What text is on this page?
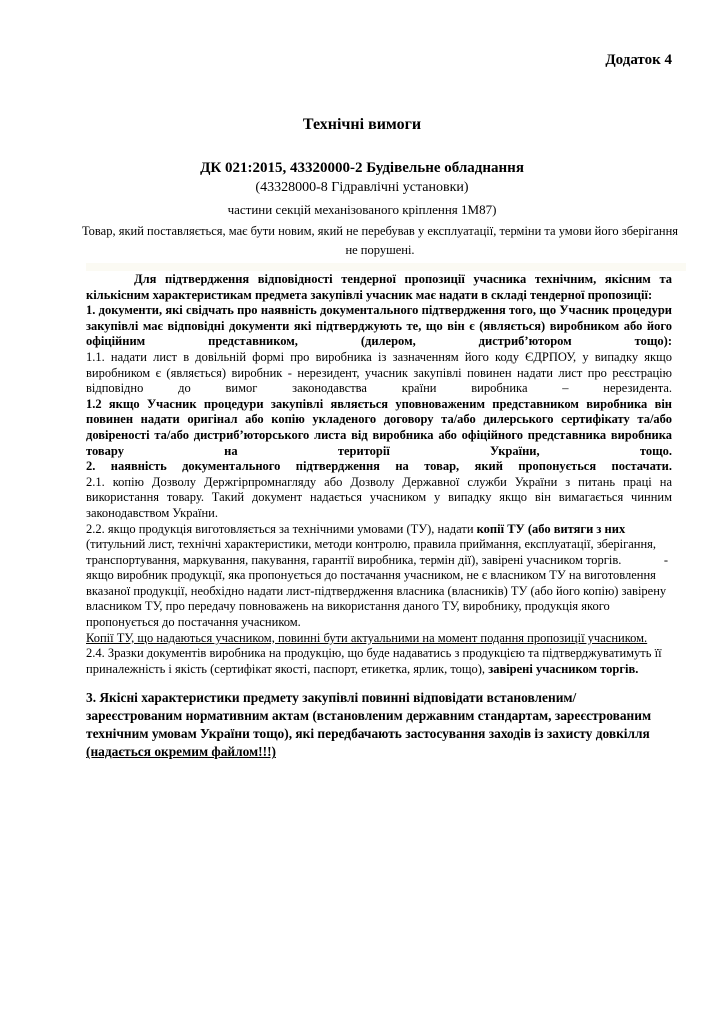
Додаток 4
Технічні вимоги
ДК 021:2015, 43320000-2 Будівельне обладнання
(43328000-8 Гідравлічні установки)
частини секцій механізованого кріплення 1М87)
Товар, який поставляється, має бути новим, який не перебував у експлуатації, терміни та умови його зберігання не порушені.

Для підтвердження відповідності тендерної пропозиції учасника технічним, якісним та кількісним характеристикам предмета закупівлі учасник має надати в складі тендерної пропозиції:

1. документи, які свідчать про наявність документального підтвердження того, що Учасник процедури закупівлі має відповідні документи які підтверджують те, що він є (являється) виробником або його офіційним представником, (дилером, дистриб’ютором тощо):

1.1. надати лист в довільній формі про виробника із зазначенням його коду ЄДРПОУ, у випадку якщо виробником є (являється) виробник - нерезидент, учасник закупівлі повинен надати лист про реєстрацію відповідно до вимог законодавства країни виробника – нерезидента.

1.2 якщо Учасник процедури закупівлі являється уповноваженим представником виробника він повинен надати оригінал або копію укладеного договору та/або дилерського сертифікату та/або довіреності та/або дистриб’юторського листа від виробника або офіційного представника виробника товару на території України, тощо.

2. наявність документального підтвердження на товар, який пропонується постачати.

2.1. копію Дозволу Держгірпромнагляду або Дозволу Державної служби України з питань праці на використання товару. Такий документ надається учасником у випадку якщо він вимагається чинним законодавством України.

2.2. якщо продукція виготовляється за технічними умовами (ТУ), надати копії ТУ (або витяги з них (титульний лист, технічні характеристики, методи контролю, правила приймання, експлуатації, зберігання, транспортування, маркування, пакування, гарантії виробника, термін дії), завірені учасником торгів.	-

якщо виробник продукції, яка пропонується до постачання учасником, не є власником ТУ на виготовлення вказаної продукції, необхідно надати лист-підтвердження власника (власників) ТУ (або його копію) завірену власником ТУ, про передачу повноважень на використання даного ТУ, виробнику, продукція якого пропонується до постачання учасником.

Копії ТУ, що надаються учасником, повинні бути актуальними на момент подання пропозиції учасником.

2.4. Зразки документів виробника на продукцію, що буде надаватись з продукцією та підтверджуватимуть її приналежність і якість (сертифікат якості, паспорт, етикетка, ярлик, тощо), завірені учасником торгів.

3. Якісні характеристики предмету закупівлі повинні відповідати встановленим/зареєстрованим нормативним актам (встановленим державним стандартам, зареєстрованим технічним умовам України тощо), які передбачають застосування заходів із захисту довкілля (надається окремим файлом!!!)
